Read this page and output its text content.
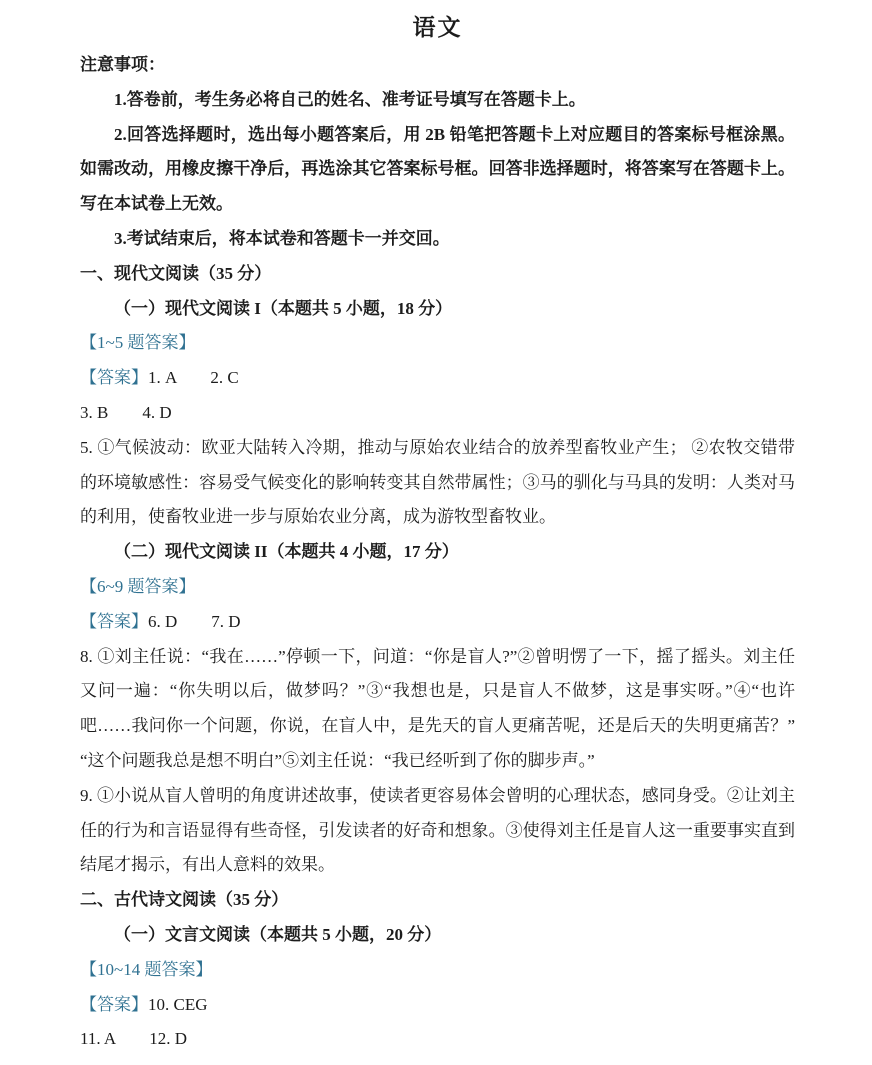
语文
注意事项：
1.答卷前，考生务必将自己的姓名、准考证号填写在答题卡上。
2.回答选择题时，选出每小题答案后，用 2B 铅笔把答题卡上对应题目的答案标号框涂黑。如需改动，用橡皮擦干净后，再选涂其它答案标号框。回答非选择题时，将答案写在答题卡上。写在本试卷上无效。
3.考试结束后，将本试卷和答题卡一并交回。
一、现代文阅读（35 分）
（一）现代文阅读 I（本题共 5 小题，18 分）
【1~5 题答案】
【答案】1. A　　2. C
3. B　　4. D
5. ①气候波动：欧亚大陆转入冷期，推动与原始农业结合的放养型畜牧业产生； ②农牧交错带的环境敏感性：容易受气候变化的影响转变其自然带属性；③马的驯化与马具的发明：人类对马的利用，使畜牧业进一步与原始农业分离，成为游牧型畜牧业。
（二）现代文阅读 II（本题共 4 小题，17 分）
【6~9 题答案】
【答案】6. D　　7. D
8. ①刘主任说：“我在……”停顿一下，问道：“你是盲人?”②曾明愣了一下，摇了摇头。刘主任又问一遍：“你失明以后，做梦吗？”③“我想也是，只是盲人不做梦，这是事实呀。”④“也许吧……我问你一个问题，你说，在盲人中，是先天的盲人更痛苦呢，还是后天的失明更痛苦？”“这个问题我总是想不明白”⑤刘主任说：“我已经听到了你的脚步声。”
9. ①小说从盲人曾明的角度讲述故事，使读者更容易体会曾明的心理状态，感同身受。②让刘主任的行为和言语显得有些奇怪，引发读者的好奇和想象。③使得刘主任是盲人这一重要事实直到结尾才揭示，有出人意料的效果。
二、古代诗文阅读（35 分）
（一）文言文阅读（本题共 5 小题，20 分）
【10~14 题答案】
【答案】10. CEG
11. A　　12. D
